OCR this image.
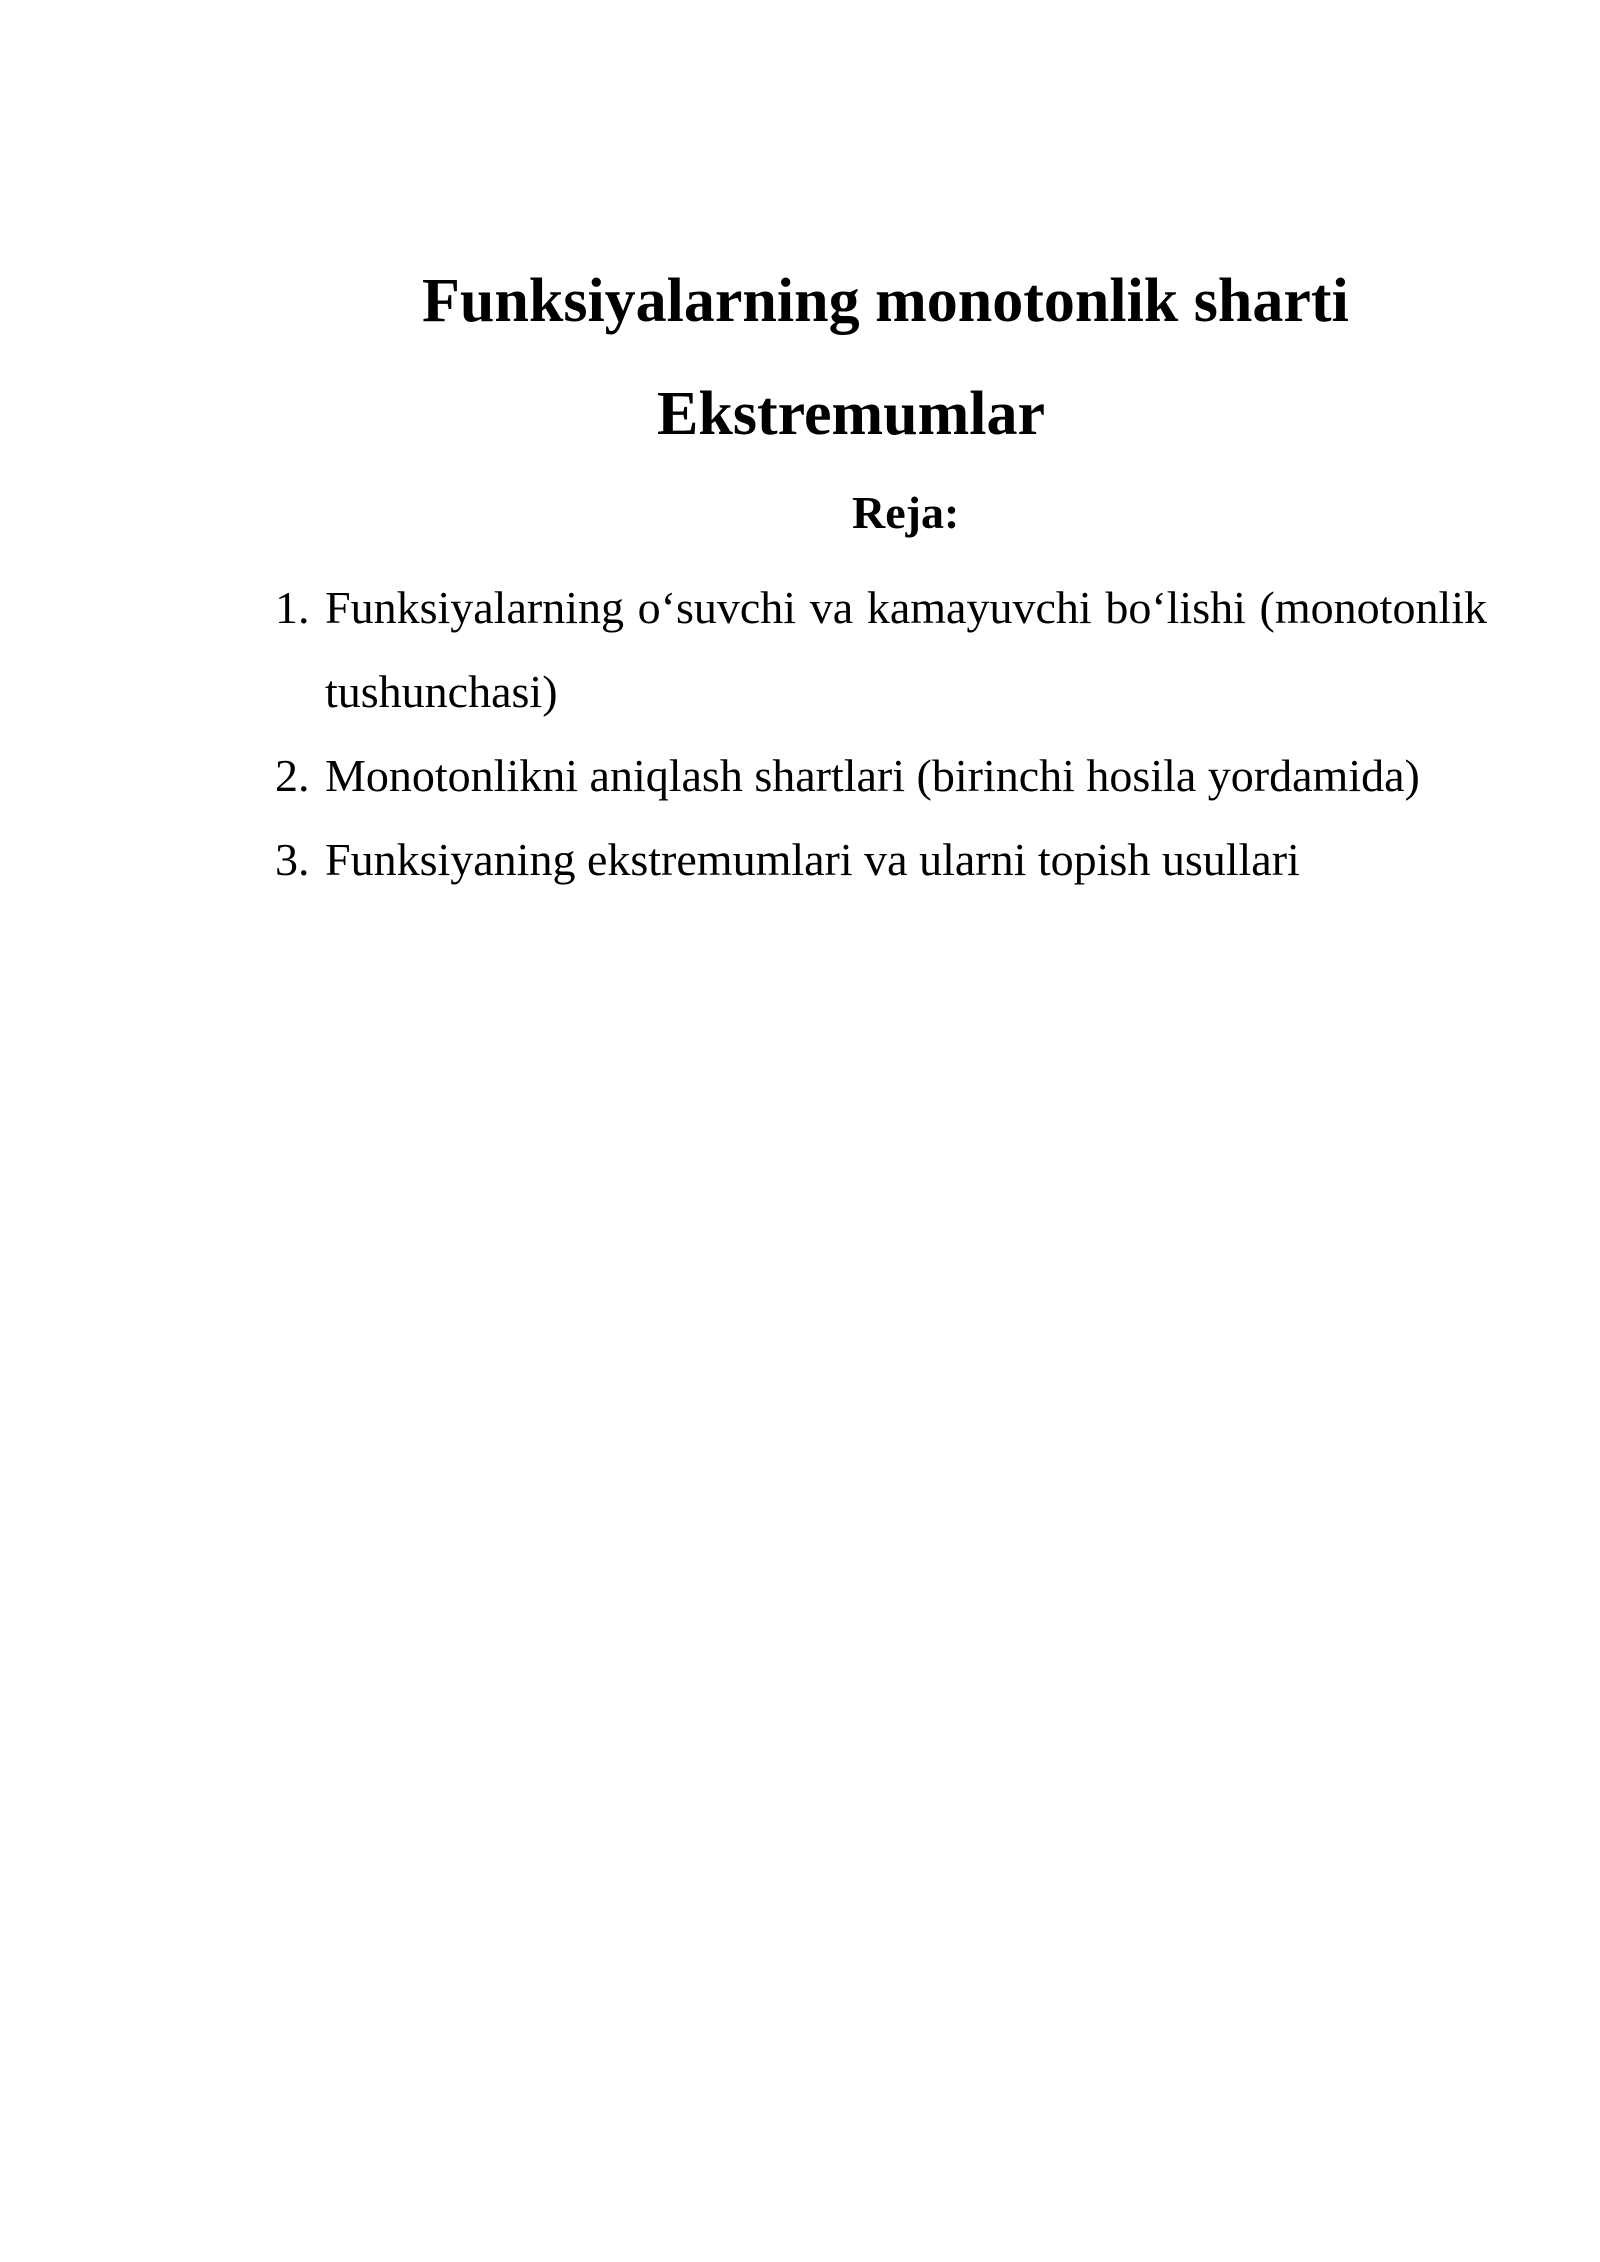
Funksiyalarning monotonlik sharti
Ekstremumlar
Reja:
1. Funksiyalarning o‘suvchi va kamayuvchi bo‘lishi (monotonlik tushunchasi)
2. Monotonlikni aniqlash shartlari (birinchi hosila yordamida)
3. Funksiyaning ekstremumlari va ularni topish usullari
